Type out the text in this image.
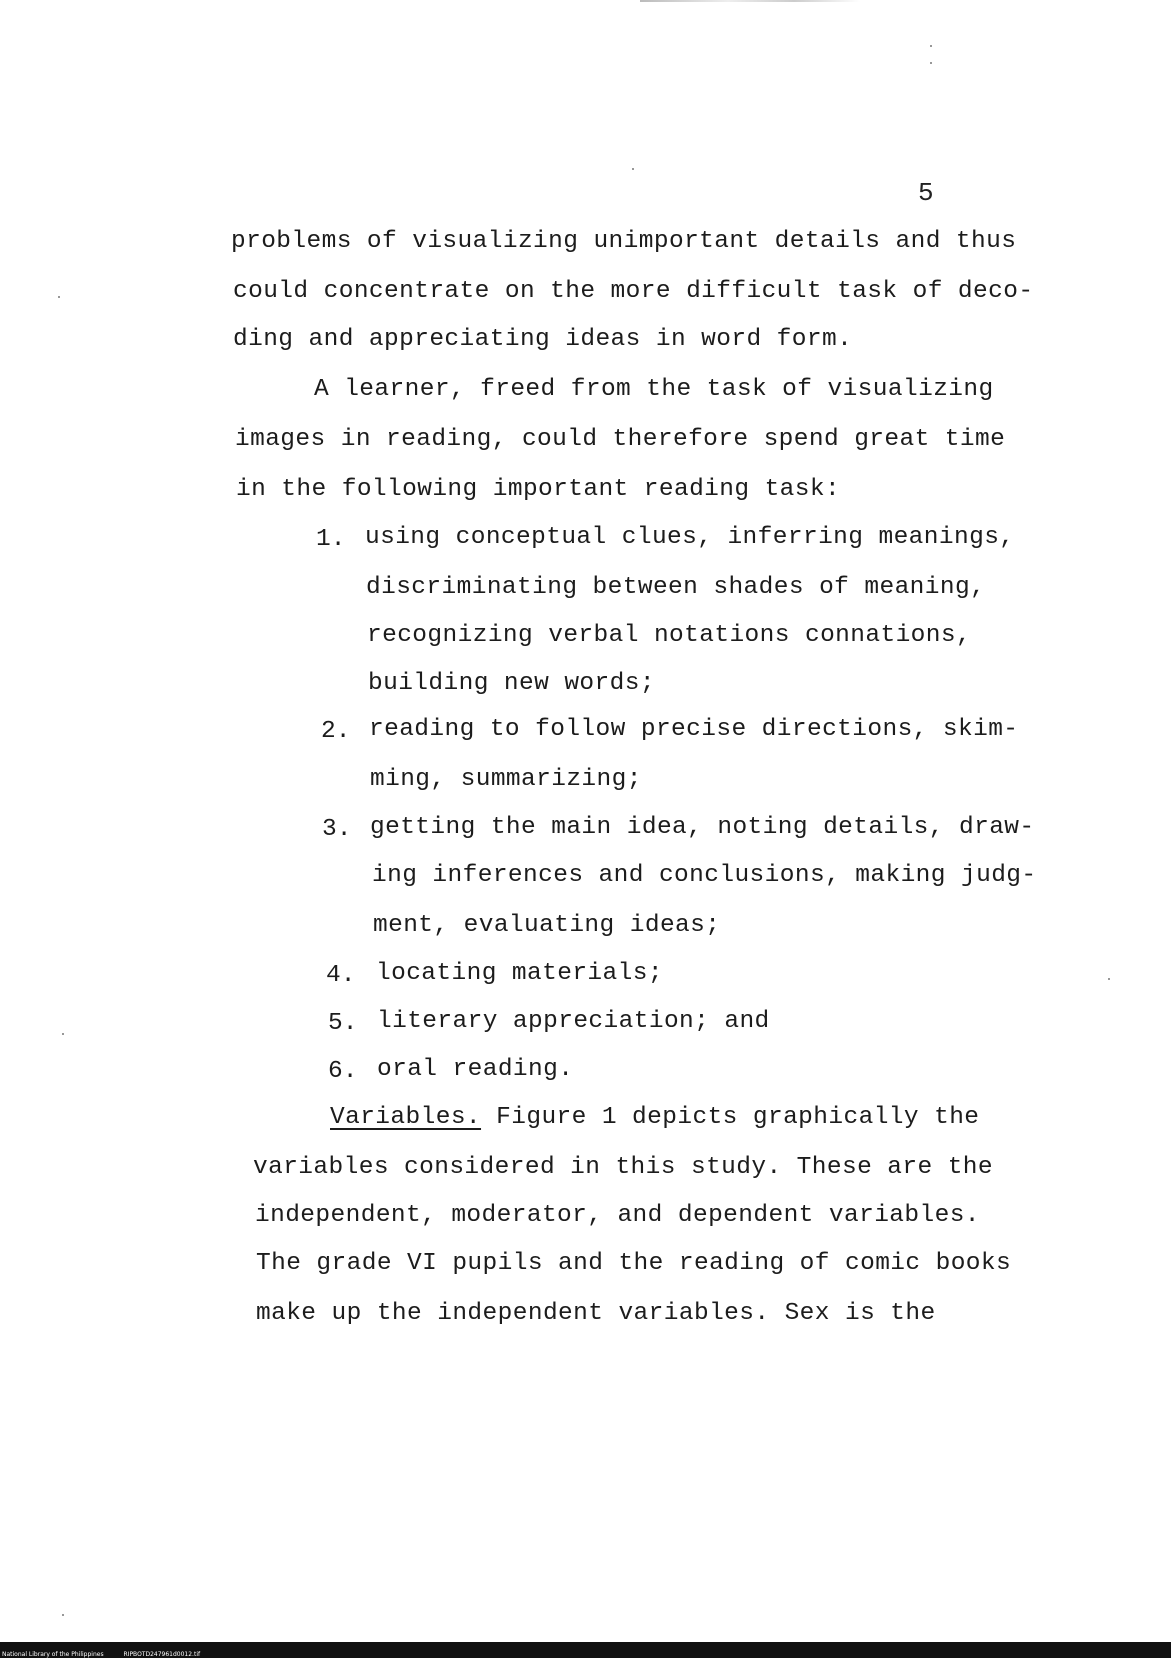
5
problems of visualizing unimportant details and thus
could concentrate on the more difficult task of deco-
ding and appreciating ideas in word form.
A learner, freed from the task of visualizing
images in reading, could therefore spend great time
in the following important reading task:
1. using conceptual clues, inferring meanings,
discriminating between shades of meaning,
recognizing verbal notations connations,
building new words;
2. reading to follow precise directions, skim-
ming, summarizing;
3. getting the main idea, noting details, draw-
ing inferences and conclusions, making judg-
ment, evaluating ideas;
4. locating materials;
5. literary appreciation; and
6. oral reading.
Variables. Figure 1 depicts graphically the
variables considered in this study. These are the
independent, moderator, and dependent variables.
The grade VI pupils and the reading of comic books
make up the independent variables. Sex is the
National Library of the Philippines	RIPBOTD247961d0012.tif
